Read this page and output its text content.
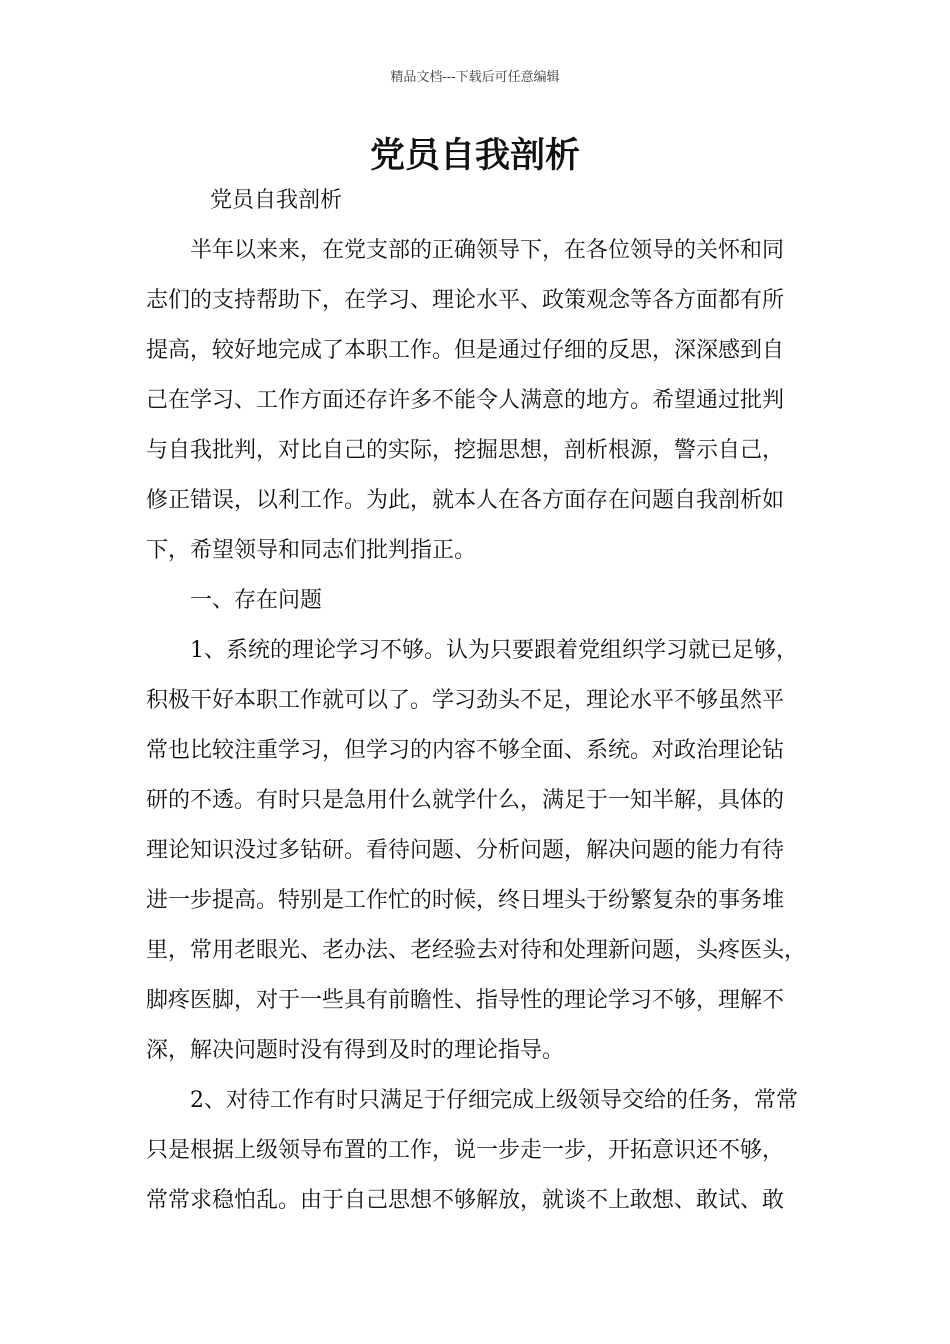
精品文档---下载后可任意编辑
党员自我剖析
党员自我剖析
半年以来来，在党支部的正确领导下，在各位领导的关怀和同
志们的支持帮助下，在学习、理论水平、政策观念等各方面都有所
提高，较好地完成了本职工作。但是通过仔细的反思，深深感到自
己在学习、工作方面还存许多不能令人满意的地方。希望通过批判
与自我批判，对比自己的实际，挖掘思想，剖析根源，警示自己，
修正错误，以利工作。为此，就本人在各方面存在问题自我剖析如
下，希望领导和同志们批判指正。
一、存在问题
1、系统的理论学习不够。认为只要跟着党组织学习就已足够，
积极干好本职工作就可以了。学习劲头不足，理论水平不够虽然平
常也比较注重学习，但学习的内容不够全面、系统。对政治理论钻
研的不透。有时只是急用什么就学什么，满足于一知半解，具体的
理论知识没过多钻研。看待问题、分析问题，解决问题的能力有待
进一步提高。特别是工作忙的时候，终日埋头于纷繁复杂的事务堆
里，常用老眼光、老办法、老经验去对待和处理新问题，头疼医头，
脚疼医脚，对于一些具有前瞻性、指导性的理论学习不够，理解不
深，解决问题时没有得到及时的理论指导。
2、对待工作有时只满足于仔细完成上级领导交给的任务，常常
只是根据上级领导布置的工作，说一步走一步，开拓意识还不够，
常常求稳怕乱。由于自己思想不够解放，就谈不上敢想、敢试、敢
